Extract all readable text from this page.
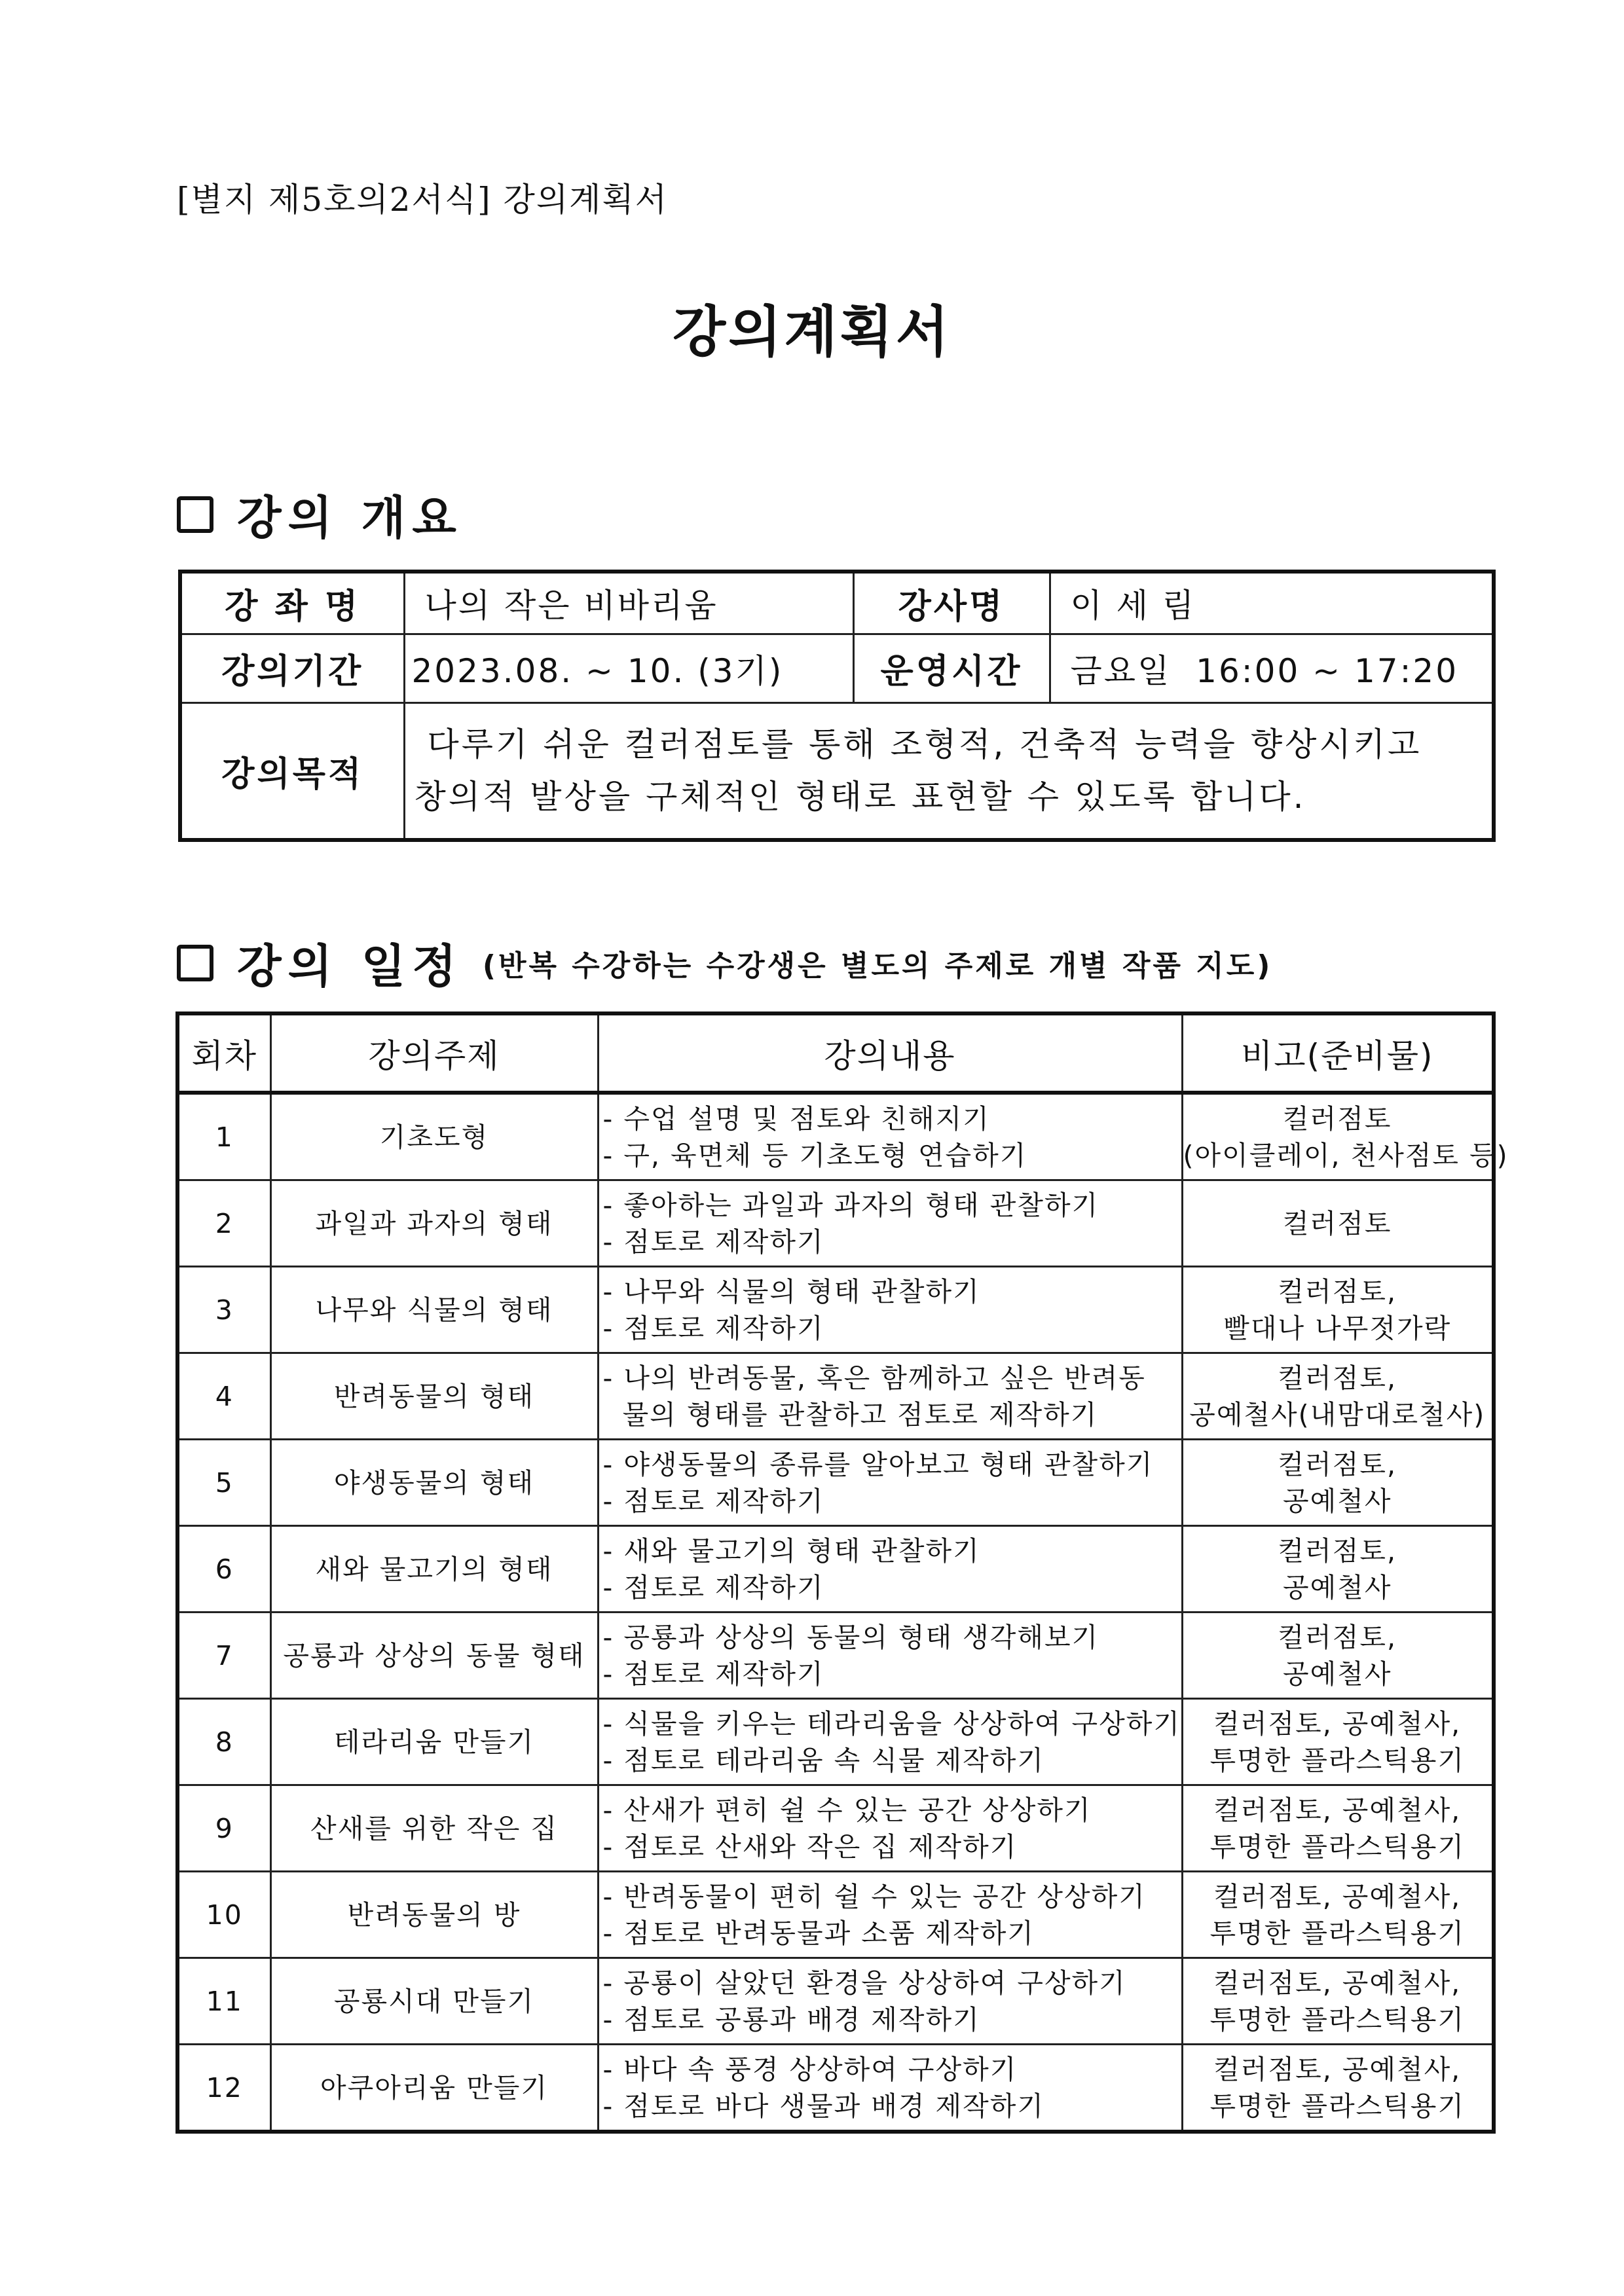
[별지 제5호의2서식] 강의계획서
강의계획서
강의 개요
강 좌 명	나의 작은 비바리움	강사명	이 세 림
강의기간	2023.08. ~ 10. (3기)	운영시간	금요일  16:00 ~ 17:20
강의목적	다루기 쉬운 컬러점토를 통해 조형적, 건축적 능력을 향상시키고
창의적 발상을 구체적인 형태로 표현할 수 있도록 합니다.		
강의 일정 (반복 수강하는 수강생은 별도의 주제로 개별 작품 지도)
회차	강의주제	강의내용	비고(준비물)
1	기초도형	- 수업 설명 및 점토와 친해지기
- 구, 육면체 등 기초도형 연습하기	컬러점토
(아이클레이, 천사점토 등)

2	과일과 과자의 형태	- 좋아하는 과일과 과자의 형태 관찰하기
- 점토로 제작하기	컬러점토

3	나무와 식물의 형태	- 나무와 식물의 형태 관찰하기
- 점토로 제작하기	컬러점토,
빨대나 나무젓가락

4	반려동물의 형태	- 나의 반려동물, 혹은 함께하고 싶은 반려동
물의 형태를 관찰하고 점토로 제작하기	컬러점토,
공예철사(내맘대로철사)

5	야생동물의 형태	- 야생동물의 종류를 알아보고 형태 관찰하기
- 점토로 제작하기	컬러점토,
공예철사

6	새와 물고기의 형태	- 새와 물고기의 형태 관찰하기
- 점토로 제작하기	컬러점토,
공예철사

7	공룡과 상상의 동물 형태	- 공룡과 상상의 동물의 형태 생각해보기
- 점토로 제작하기	컬러점토,
공예철사

8	테라리움 만들기	- 식물을 키우는 테라리움을 상상하여 구상하기
- 점토로 테라리움 속 식물 제작하기	컬러점토, 공예철사,
투명한 플라스틱용기

9	산새를 위한 작은 집	- 산새가 편히 쉴 수 있는 공간 상상하기
- 점토로 산새와 작은 집 제작하기	컬러점토, 공예철사,
투명한 플라스틱용기

10	반려동물의 방	- 반려동물이 편히 쉴 수 있는 공간 상상하기
- 점토로 반려동물과 소품 제작하기	컬러점토, 공예철사,
투명한 플라스틱용기

11	공룡시대 만들기	- 공룡이 살았던 환경을 상상하여 구상하기
- 점토로 공룡과 배경 제작하기	컬러점토, 공예철사,
투명한 플라스틱용기

12	아쿠아리움 만들기	- 바다 속 풍경 상상하여 구상하기
- 점토로 바다 생물과 배경 제작하기	컬러점토, 공예철사,
투명한 플라스틱용기
